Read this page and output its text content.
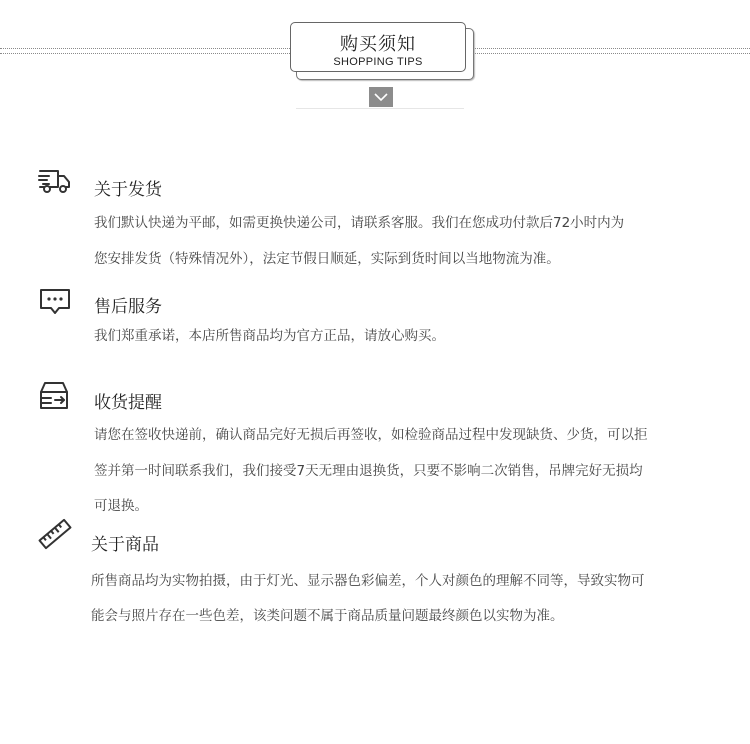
购买须知
SHOPPING TIPS
关于发货
我们默认快递为平邮，如需更换快递公司，请联系客服。我们在您成功付款后72小时内为
您安排发货（特殊情况外），法定节假日顺延，实际到货时间以当地物流为准。
售后服务
我们郑重承诺，本店所售商品均为官方正品，请放心购买。
收货提醒
请您在签收快递前，确认商品完好无损后再签收，如检验商品过程中发现缺货、少货，可以拒
签并第一时间联系我们，我们接受7天无理由退换货，只要不影响二次销售，吊牌完好无损均
可退换。
关于商品
所售商品均为实物拍摄，由于灯光、显示器色彩偏差，个人对颜色的理解不同等，导致实物可
能会与照片存在一些色差，该类问题不属于商品质量问题最终颜色以实物为准。
